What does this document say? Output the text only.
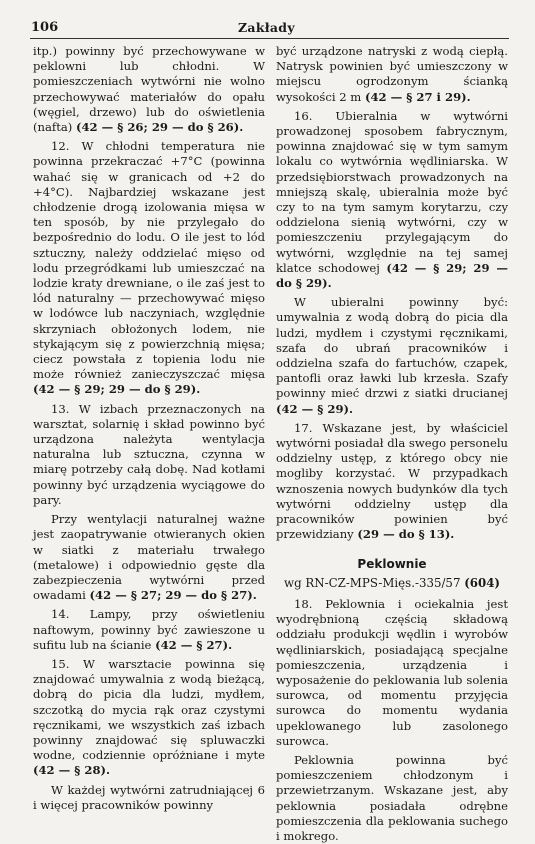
106	Zakłady

itp.) powinny być przechowywane w peklowni lub chłodni. W pomieszczeniach wytwórni nie wolno przechowywać materiałów do opału (węgiel, drzewo) lub do oświetlenia (nafta) (42 — § 26; 29 — do § 26).

12. W chłodni temperatura nie powinna przekraczać +7°C (powinna wahać się w granicach od +2 do +4°C). Najbardziej wskazane jest chłodzenie drogą izolowania mięsa w ten sposób, by nie przylegało do bezpośrednio do lodu. O ile jest to lód sztuczny, należy oddzielać mięso od lodu przegródkami lub umieszczać na lodzie kraty drewniane, o ile zaś jest to lód naturalny — przechowywać mięso w lodówce lub naczyniach, względnie skrzyniach obłożonych lodem, nie stykającym się z powierzchnią mięsa; ciecz powstała z topienia lodu nie może również zanieczyszczać mięsa (42 — § 29; 29 — do § 29).

13. W izbach przeznaczonych na warsztat, solarnię i skład powinno być urządzona należyta wentylacja naturalna lub sztuczna, czynna w miarę potrzeby całą dobę. Nad kotłami powinny być urządzenia wyciągowe do pary.

Przy wentylacji naturalnej ważne jest zaopatrywanie otwieranych okien w siatki z materiału trwałego (metalowe) i odpowiednio gęste dla zabezpieczenia wytwórni przed owadami (42 — § 27; 29 — do § 27).

14. Lampy, przy oświetleniu naftowym, powinny być zawieszone u sufitu lub na ścianie (42 — § 27).

15. W warsztacie powinna się znajdować umywalnia z wodą bieżącą, dobrą do picia dla ludzi, mydłem, szczotką do mycia rąk oraz czystymi ręcznikami, we wszystkich zaś izbach powinny znajdować się spluwaczki wodne, codziennie opróżniane i myte (42 — § 28).

W każdej wytwórni zatrudniającej 6 i więcej pracowników powinny

być urządzone natryski z wodą ciepłą. Natrysk powinien być umieszczony w miejscu ogrodzonym ścianką wysokości 2 m (42 — § 27 i 29).

16. Ubieralnia w wytwórni prowadzonej sposobem fabrycznym, powinna znajdować się w tym samym lokalu co wytwórnia wędliniarska. W przedsiębiorstwach prowadzonych na mniejszą skalę, ubieralnia może być czy to na tym samym korytarzu, czy oddzielona sienią wytwórni, czy w pomieszczeniu przylegającym do wytwórni, względnie na tej samej klatce schodowej (42 — § 29; 29 — do § 29).

W ubieralni powinny być: umywalnia z wodą dobrą do picia dla ludzi, mydłem i czystymi ręcznikami, szafa do ubrań pracowników i oddzielna szafa do fartuchów, czapek, pantofli oraz ławki lub krzesła. Szafy powinny mieć drzwi z siatki drucianej (42 — § 29).

17. Wskazane jest, by właściciel wytwórni posiadał dla swego personelu oddzielny ustęp, z którego obcy nie mogliby korzystać. W przypadkach wznoszenia nowych budynków dla tych wytwórni oddzielny ustęp dla pracowników powinien być przewidziany (29 — do § 13).

Peklownie
wg RN-CZ-MPS-Mięs.-335/57 (604)

18. Peklownia i ociekalnia jest wyodrębnioną częścią składową oddziału produkcji wędlin i wyrobów wędliniarskich, posiadającą specjalne pomieszczenia, urządzenia i wyposażenie do peklowania lub solenia surowca, od momentu przyjęcia surowca do momentu wydania upeklowanego lub zasolonego surowca.

Peklownia powinna być pomieszczeniem chłodzonym i przewietrzanym. Wskazane jest, aby peklownia posiadała odrębne pomieszczenia dla peklowania suchego i mokrego.
